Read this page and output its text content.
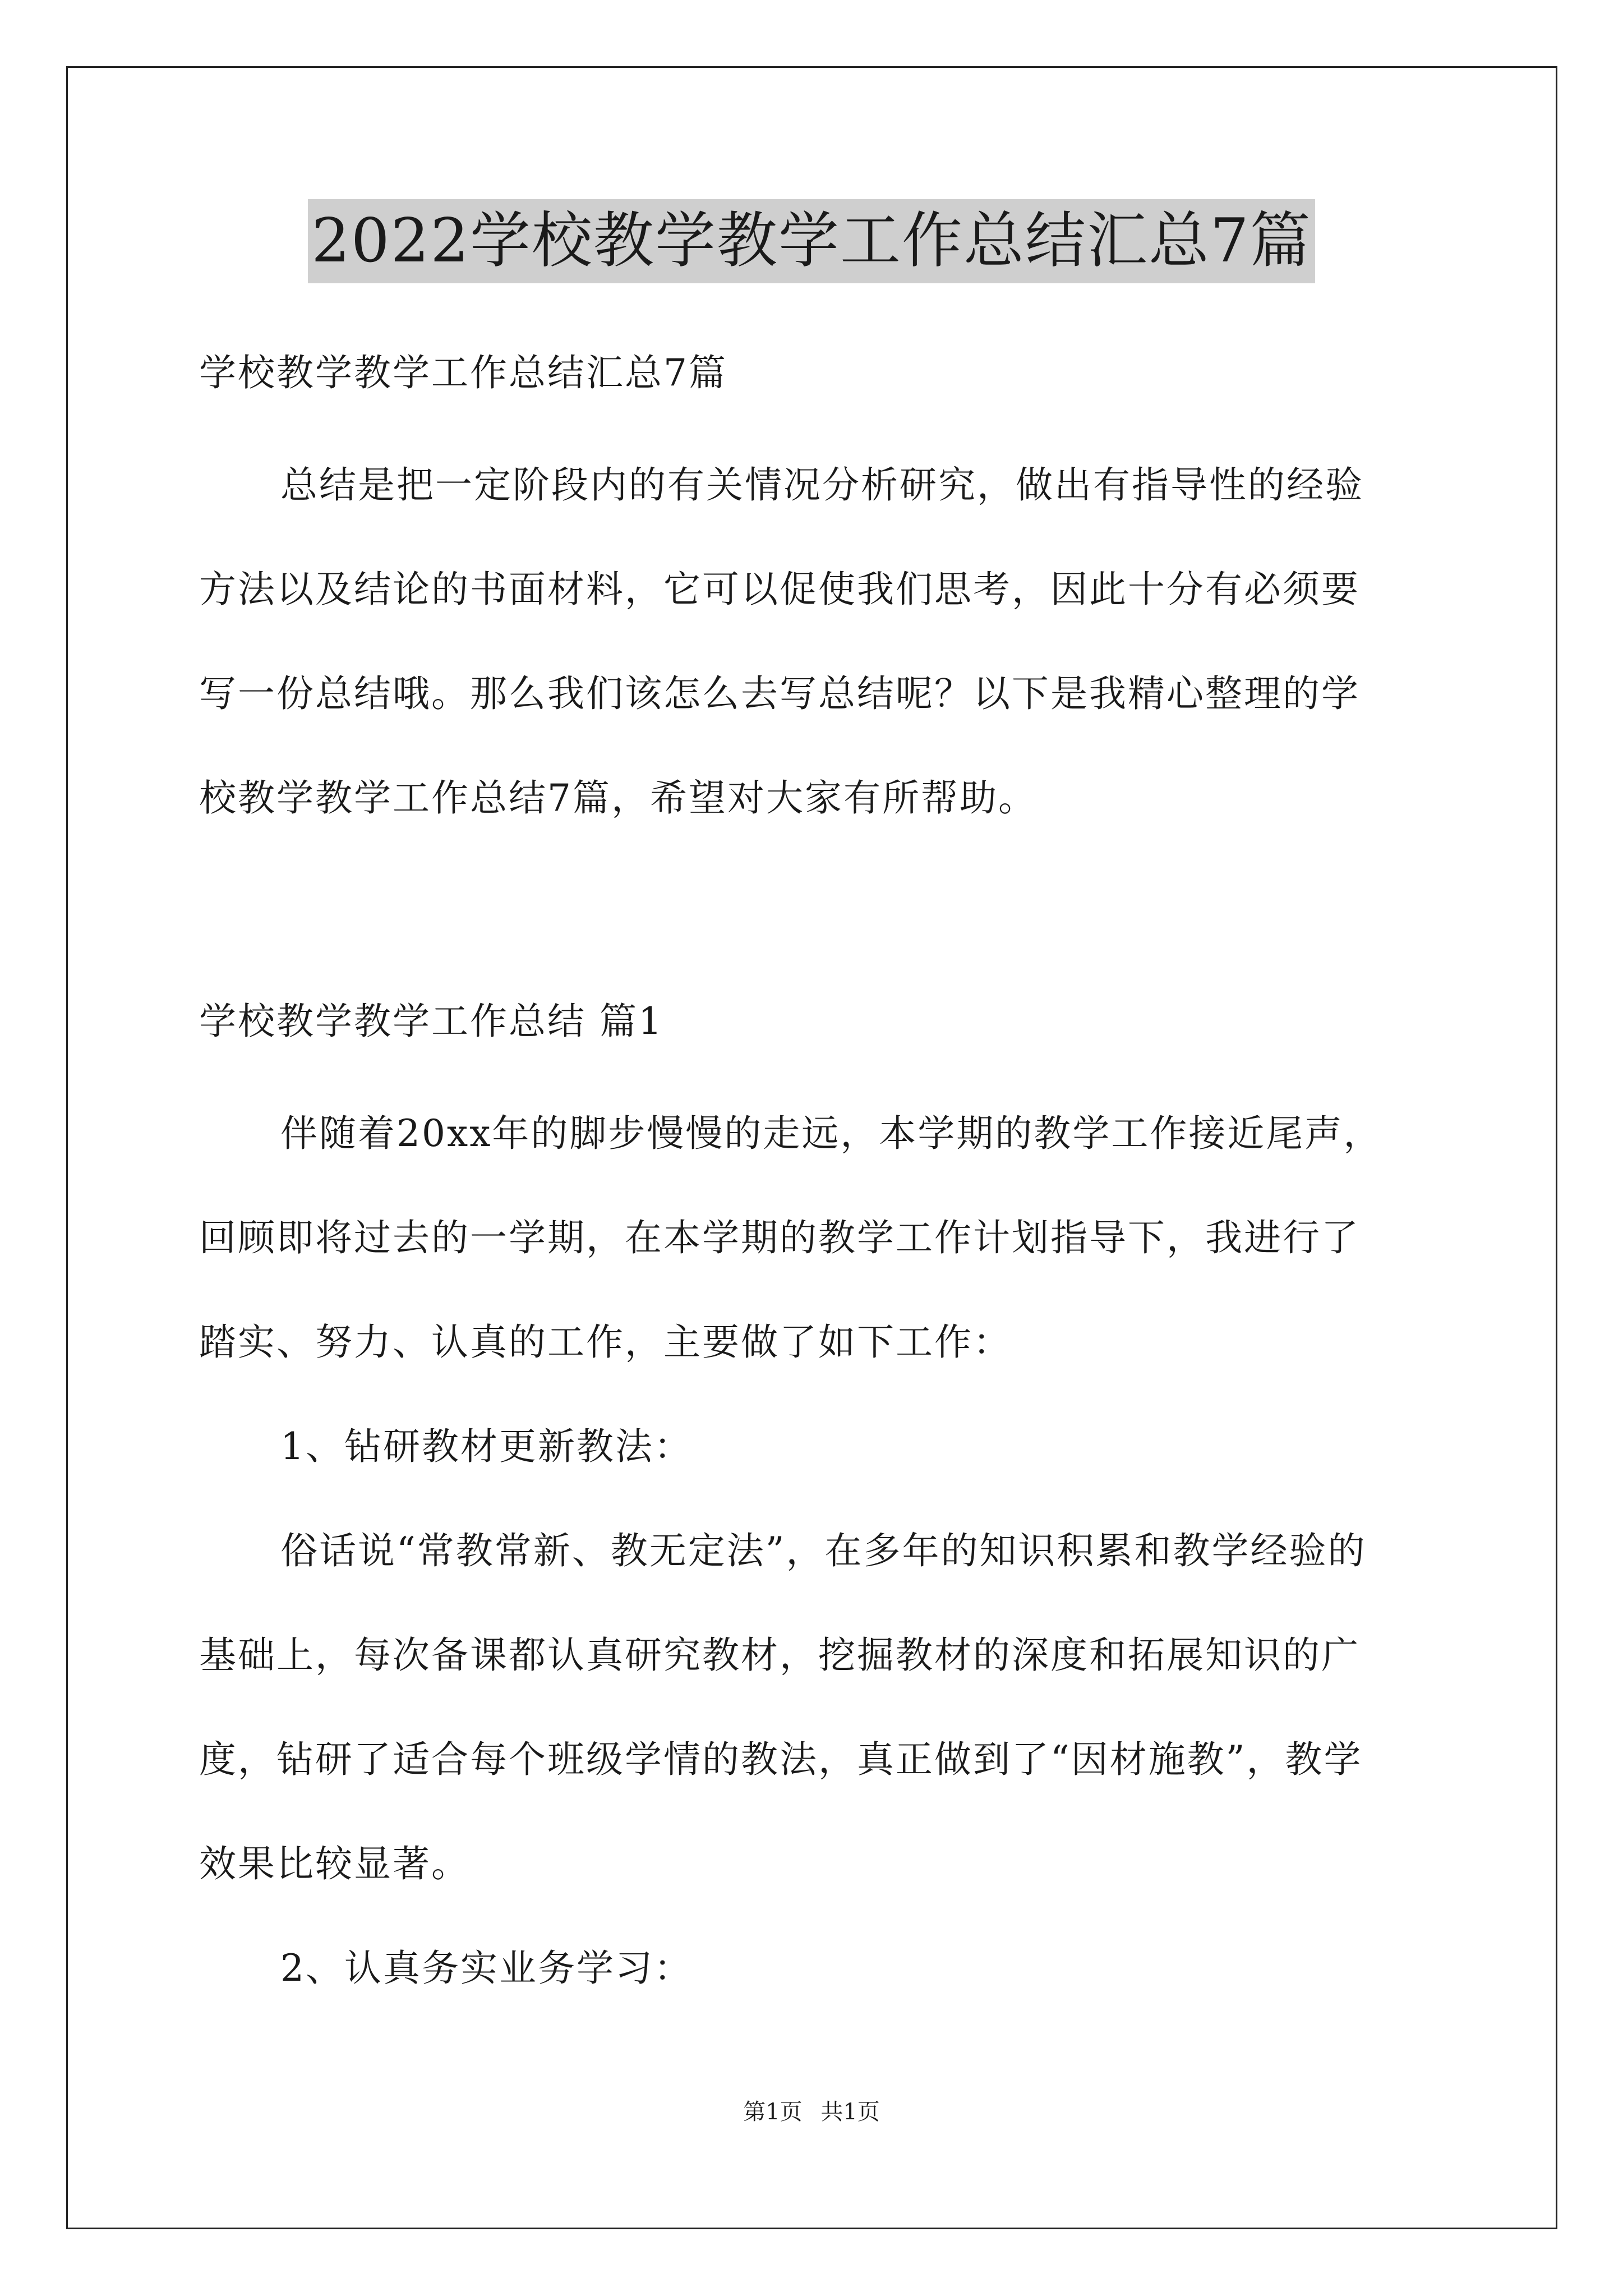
2022学校教学教学工作总结汇总7篇
学校教学教学工作总结汇总7篇
总结是把一定阶段内的有关情况分析研究，做出有指导性的经验
方法以及结论的书面材料，它可以促使我们思考，因此十分有必须要
写一份总结哦。那么我们该怎么去写总结呢？以下是我精心整理的学
校教学教学工作总结7篇，希望对大家有所帮助。
学校教学教学工作总结 篇1
伴随着20xx年的脚步慢慢的走远，本学期的教学工作接近尾声，
回顾即将过去的一学期，在本学期的教学工作计划指导下，我进行了
踏实、努力、认真的工作，主要做了如下工作：
1、钻研教材更新教法：
俗话说“常教常新、教无定法”，在多年的知识积累和教学经验的
基础上，每次备课都认真研究教材，挖掘教材的深度和拓展知识的广
度，钻研了适合每个班级学情的教法，真正做到了“因材施教”，教学
效果比较显著。
2、认真务实业务学习：
第1页 共1页
